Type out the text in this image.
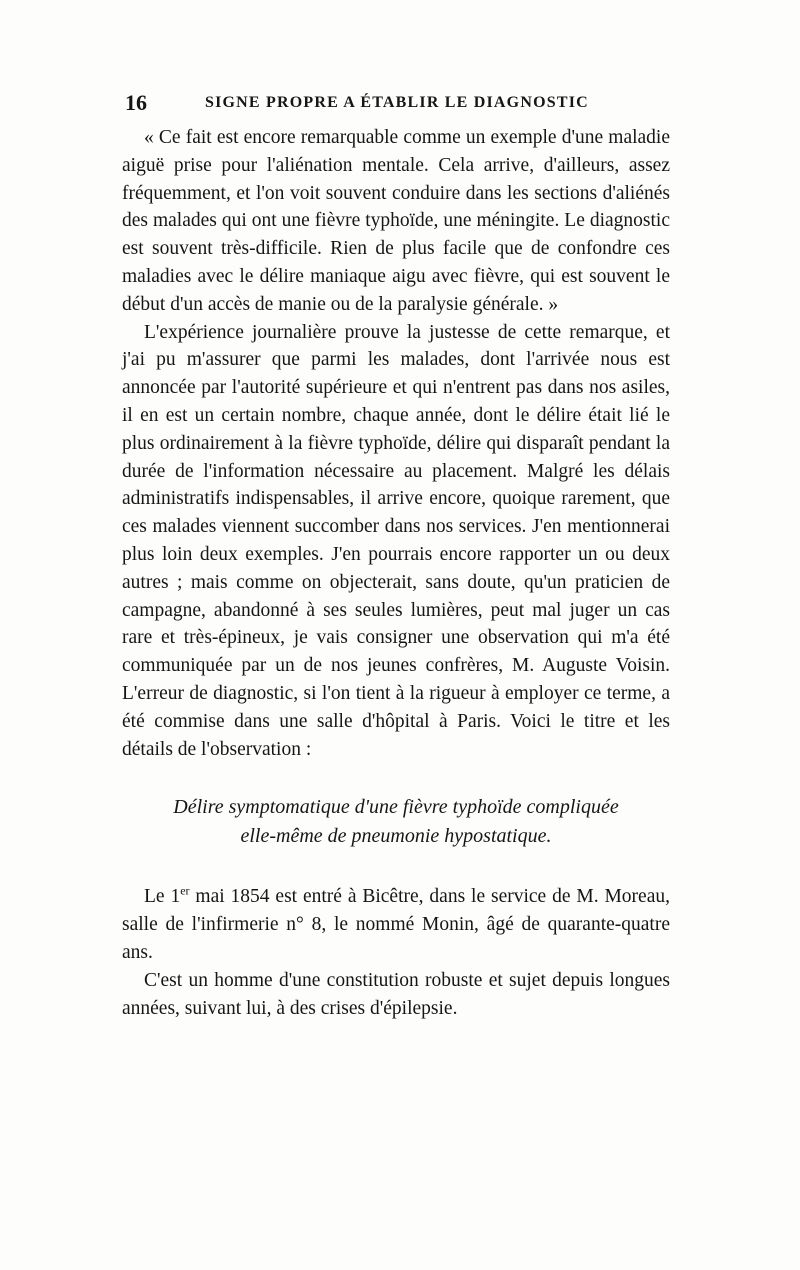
16	SIGNE PROPRE A ÉTABLIR LE DIAGNOSTIC

« Ce fait est encore remarquable comme un exemple d'une maladie aiguë prise pour l'aliénation mentale. Cela arrive, d'ailleurs, assez fréquemment, et l'on voit souvent conduire dans les sections d'aliénés des malades qui ont une fièvre typhoïde, une méningite. Le diagnostic est souvent très-difficile. Rien de plus facile que de confondre ces maladies avec le délire maniaque aigu avec fièvre, qui est souvent le début d'un accès de manie ou de la paralysie générale. »

L'expérience journalière prouve la justesse de cette remarque, et j'ai pu m'assurer que parmi les malades, dont l'arrivée nous est annoncée par l'autorité supérieure et qui n'entrent pas dans nos asiles, il en est un certain nombre, chaque année, dont le délire était lié le plus ordinairement à la fièvre typhoïde, délire qui disparaît pendant la durée de l'information nécessaire au placement. Malgré les délais administratifs indispensables, il arrive encore, quoique rarement, que ces malades viennent succomber dans nos services. J'en mentionnerai plus loin deux exemples. J'en pourrais encore rapporter un ou deux autres ; mais comme on objecterait, sans doute, qu'un praticien de campagne, abandonné à ses seules lumières, peut mal juger un cas rare et très-épineux, je vais consigner une observation qui m'a été communiquée par un de nos jeunes confrères, M. Auguste Voisin. L'erreur de diagnostic, si l'on tient à la rigueur à employer ce terme, a été commise dans une salle d'hôpital à Paris. Voici le titre et les détails de l'observation :

Délire symptomatique d'une fièvre typhoïde compliquée
elle-même de pneumonie hypostatique.

Le 1er mai 1854 est entré à Bicêtre, dans le service de M. Moreau, salle de l'infirmerie n° 8, le nommé Monin, âgé de quarante-quatre ans.

C'est un homme d'une constitution robuste et sujet depuis longues années, suivant lui, à des crises d'épilepsie.
